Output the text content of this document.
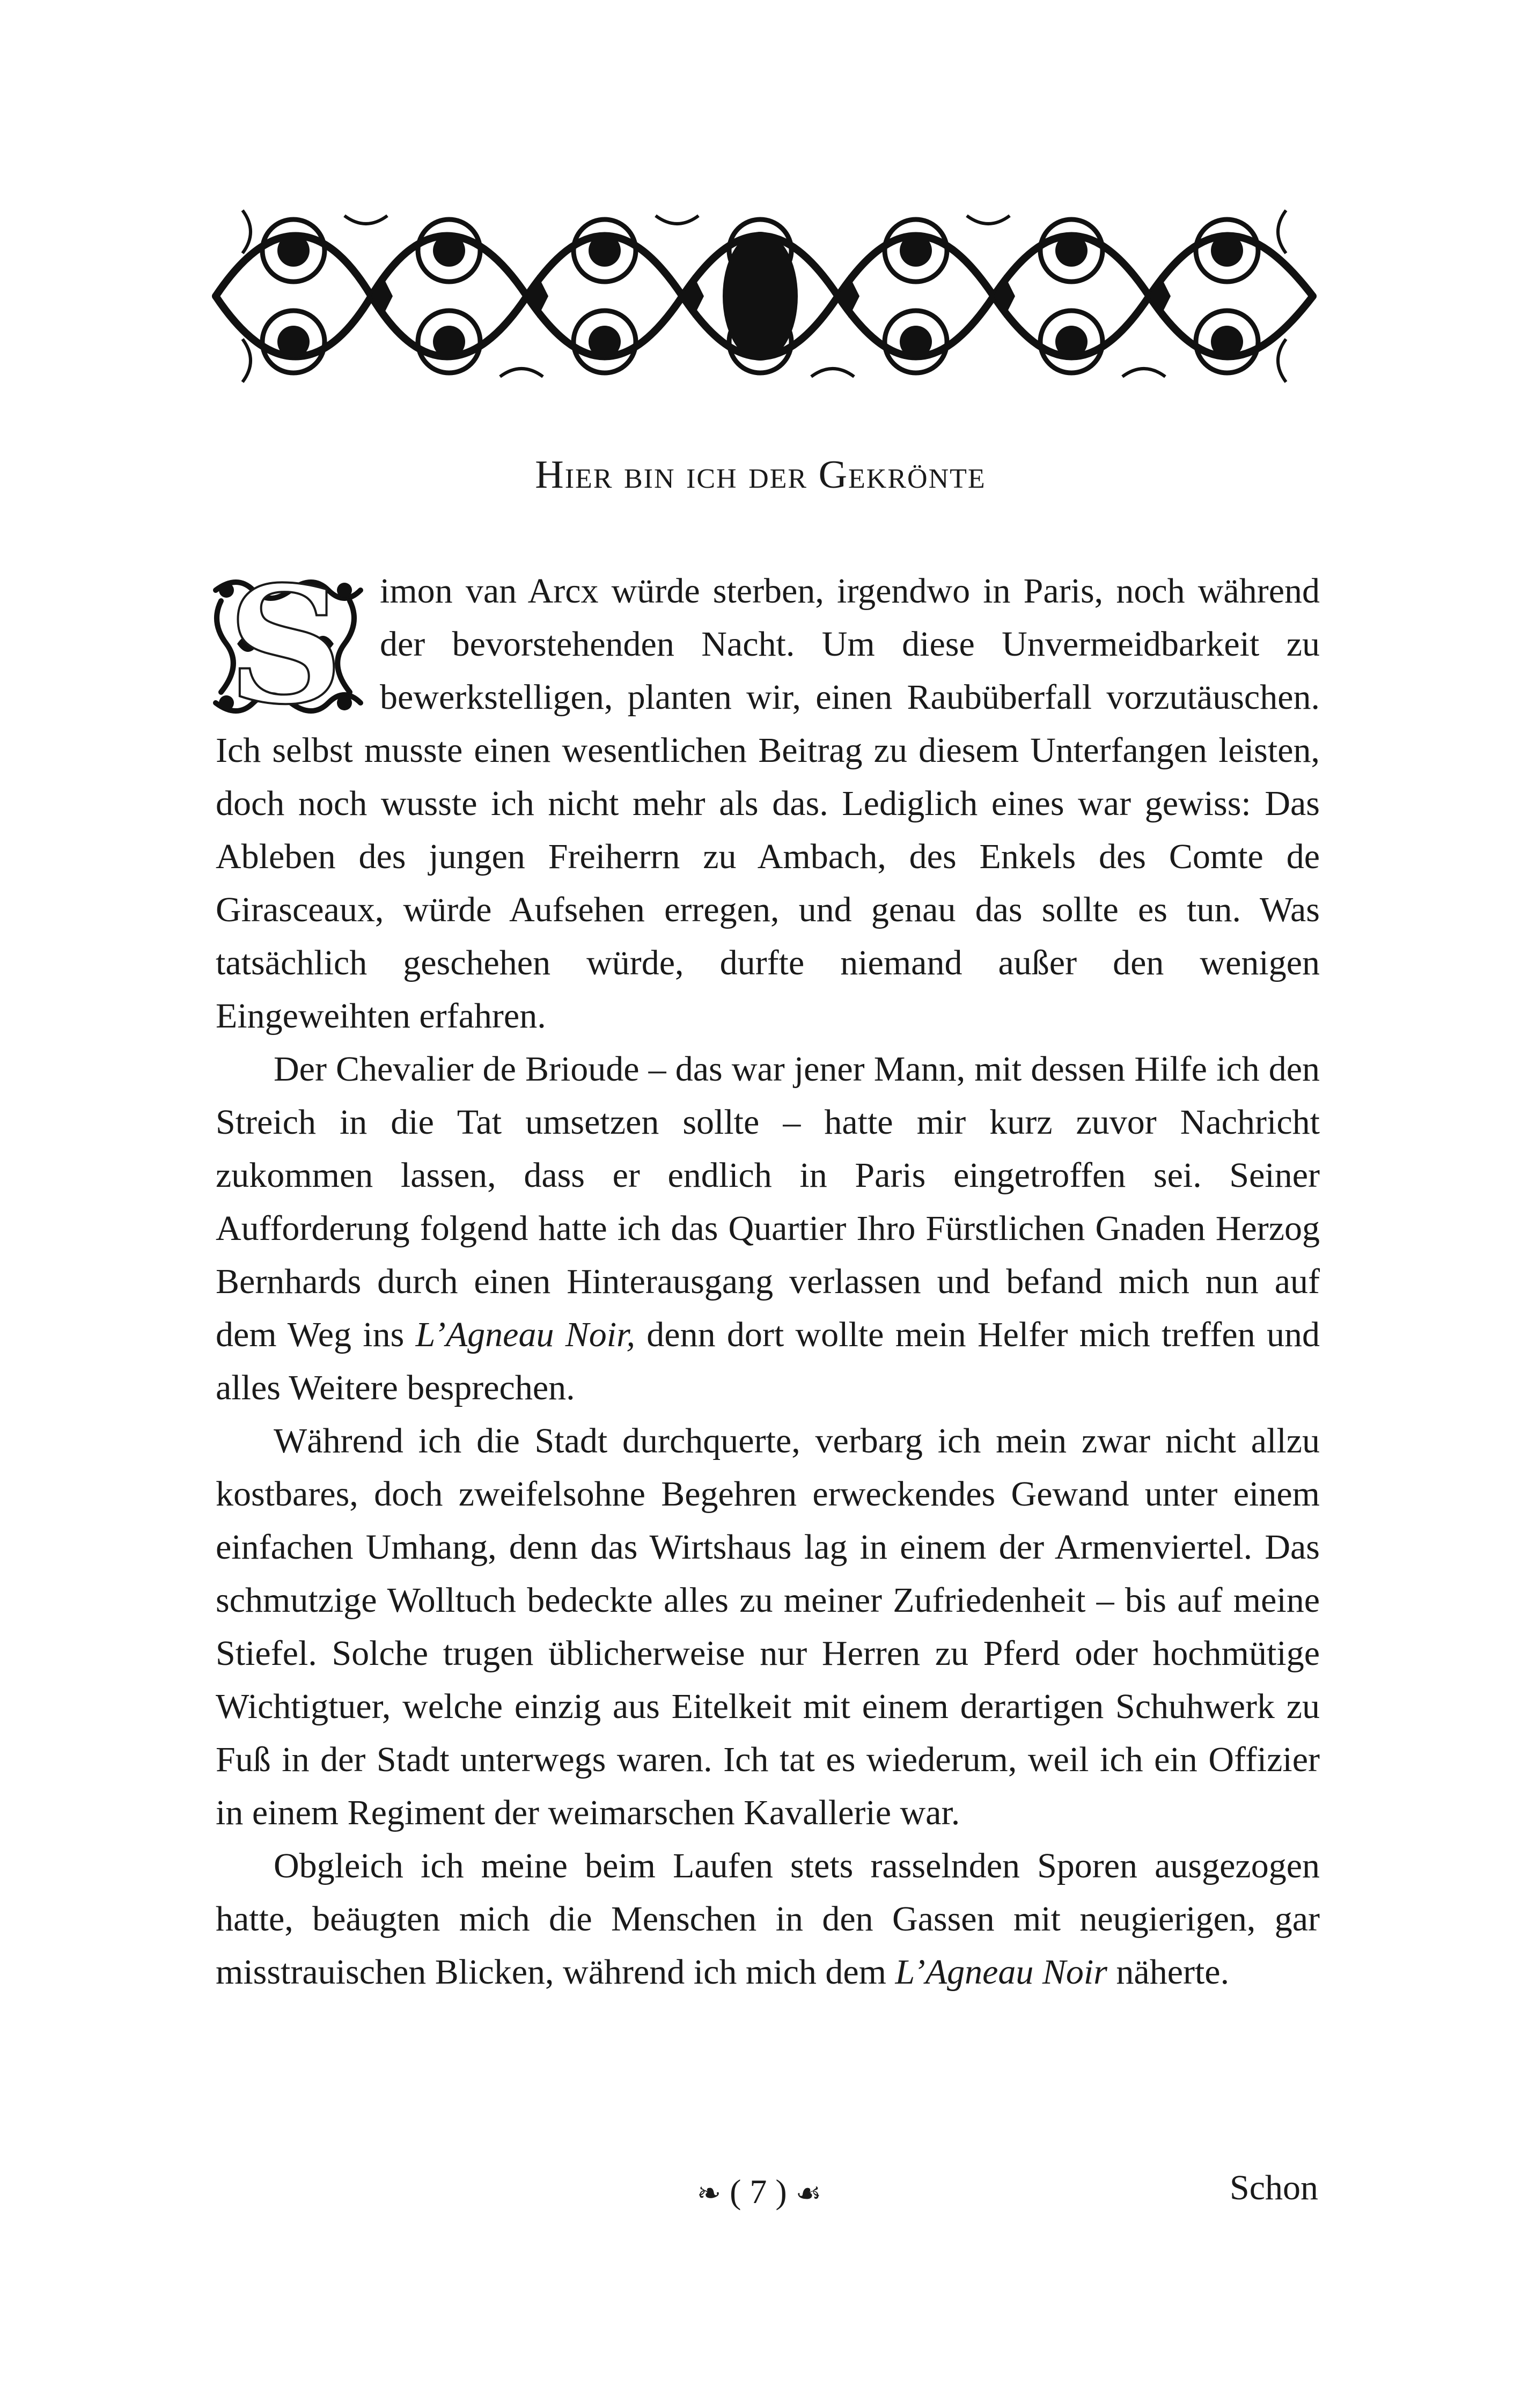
Hier bin ich der Gekrönte

S	imon van Arcx würde sterben, irgendwo in Paris, noch während der bevorstehenden Nacht. Um diese Unvermeidbarkeit zu bewerkstelligen, planten wir, einen Raubüberfall vorzutäuschen. Ich selbst musste einen wesentlichen Beitrag zu diesem Unterfangen leisten, doch noch wusste ich nicht mehr als das. Lediglich eines war gewiss: Das Ableben des jungen Freiherrn zu Ambach, des Enkels des Comte de Girasceaux, würde Aufsehen erregen, und genau das sollte es tun. Was tatsächlich geschehen würde, durfte niemand außer den wenigen Eingeweihten erfahren.

Der Chevalier de Brioude – das war jener Mann, mit dessen Hilfe ich den Streich in die Tat umsetzen sollte – hatte mir kurz zuvor Nachricht zukommen lassen, dass er endlich in Paris eingetroffen sei. Seiner Aufforderung folgend hatte ich das Quartier Ihro Fürstlichen Gnaden Herzog Bernhards durch einen Hinterausgang verlassen und befand mich nun auf dem Weg ins L’Agneau Noir, denn dort wollte mein Helfer mich treffen und alles Weitere besprechen.

Während ich die Stadt durchquerte, verbarg ich mein zwar nicht allzu kostbares, doch zweifelsohne Begehren erweckendes Gewand unter einem einfachen Umhang, denn das Wirtshaus lag in einem der Armenviertel. Das schmutzige Wolltuch bedeckte alles zu meiner Zufriedenheit – bis auf meine Stiefel. Solche trugen üblicherweise nur Herren zu Pferd oder hochmütige Wichtigtuer, welche einzig aus Eitelkeit mit einem derartigen Schuhwerk zu Fuß in der Stadt unterwegs waren. Ich tat es wiederum, weil ich ein Offizier in einem Regiment der weimarschen Kavallerie war.

Obgleich ich meine beim Laufen stets rasselnden Sporen ausgezogen hatte, beäugten mich die Menschen in den Gassen mit neugierigen, gar misstrauischen Blicken, während ich mich dem L’Agneau Noir näherte.

❧ ( 7 ) ☙	Schon
